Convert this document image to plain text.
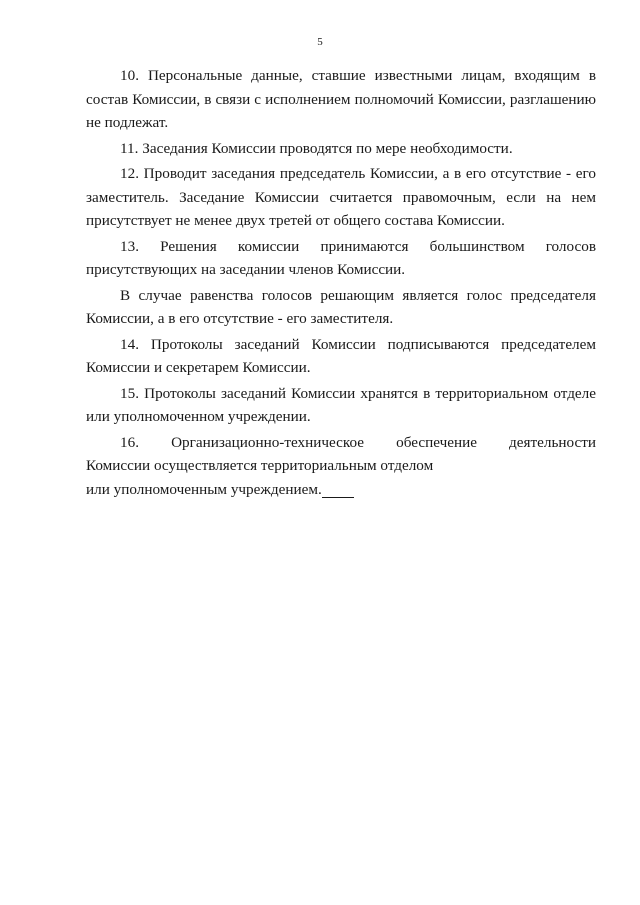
5

10. Персональные данные, ставшие известными лицам, входящим в состав Комиссии, в связи с исполнением полномочий Комиссии, разглашению не подлежат.

11. Заседания Комиссии проводятся по мере необходимости.

12. Проводит заседания председатель Комиссии, а в его отсутствие - его заместитель. Заседание Комиссии считается правомочным, если на нем присутствует не менее двух третей от общего состава Комиссии.

13. Решения комиссии принимаются большинством голосов присутствующих на заседании членов Комиссии.

В случае равенства голосов решающим является голос председателя Комиссии, а в его отсутствие - его заместителя.

14. Протоколы заседаний Комиссии подписываются председателем Комиссии и секретарем Комиссии.

15. Протоколы заседаний Комиссии хранятся в территориальном отделе или уполномоченном учреждении.

16. Организационно-техническое обеспечение деятельности
Комиссии осуществляется территориальным отделом
или уполномоченным учреждением.
